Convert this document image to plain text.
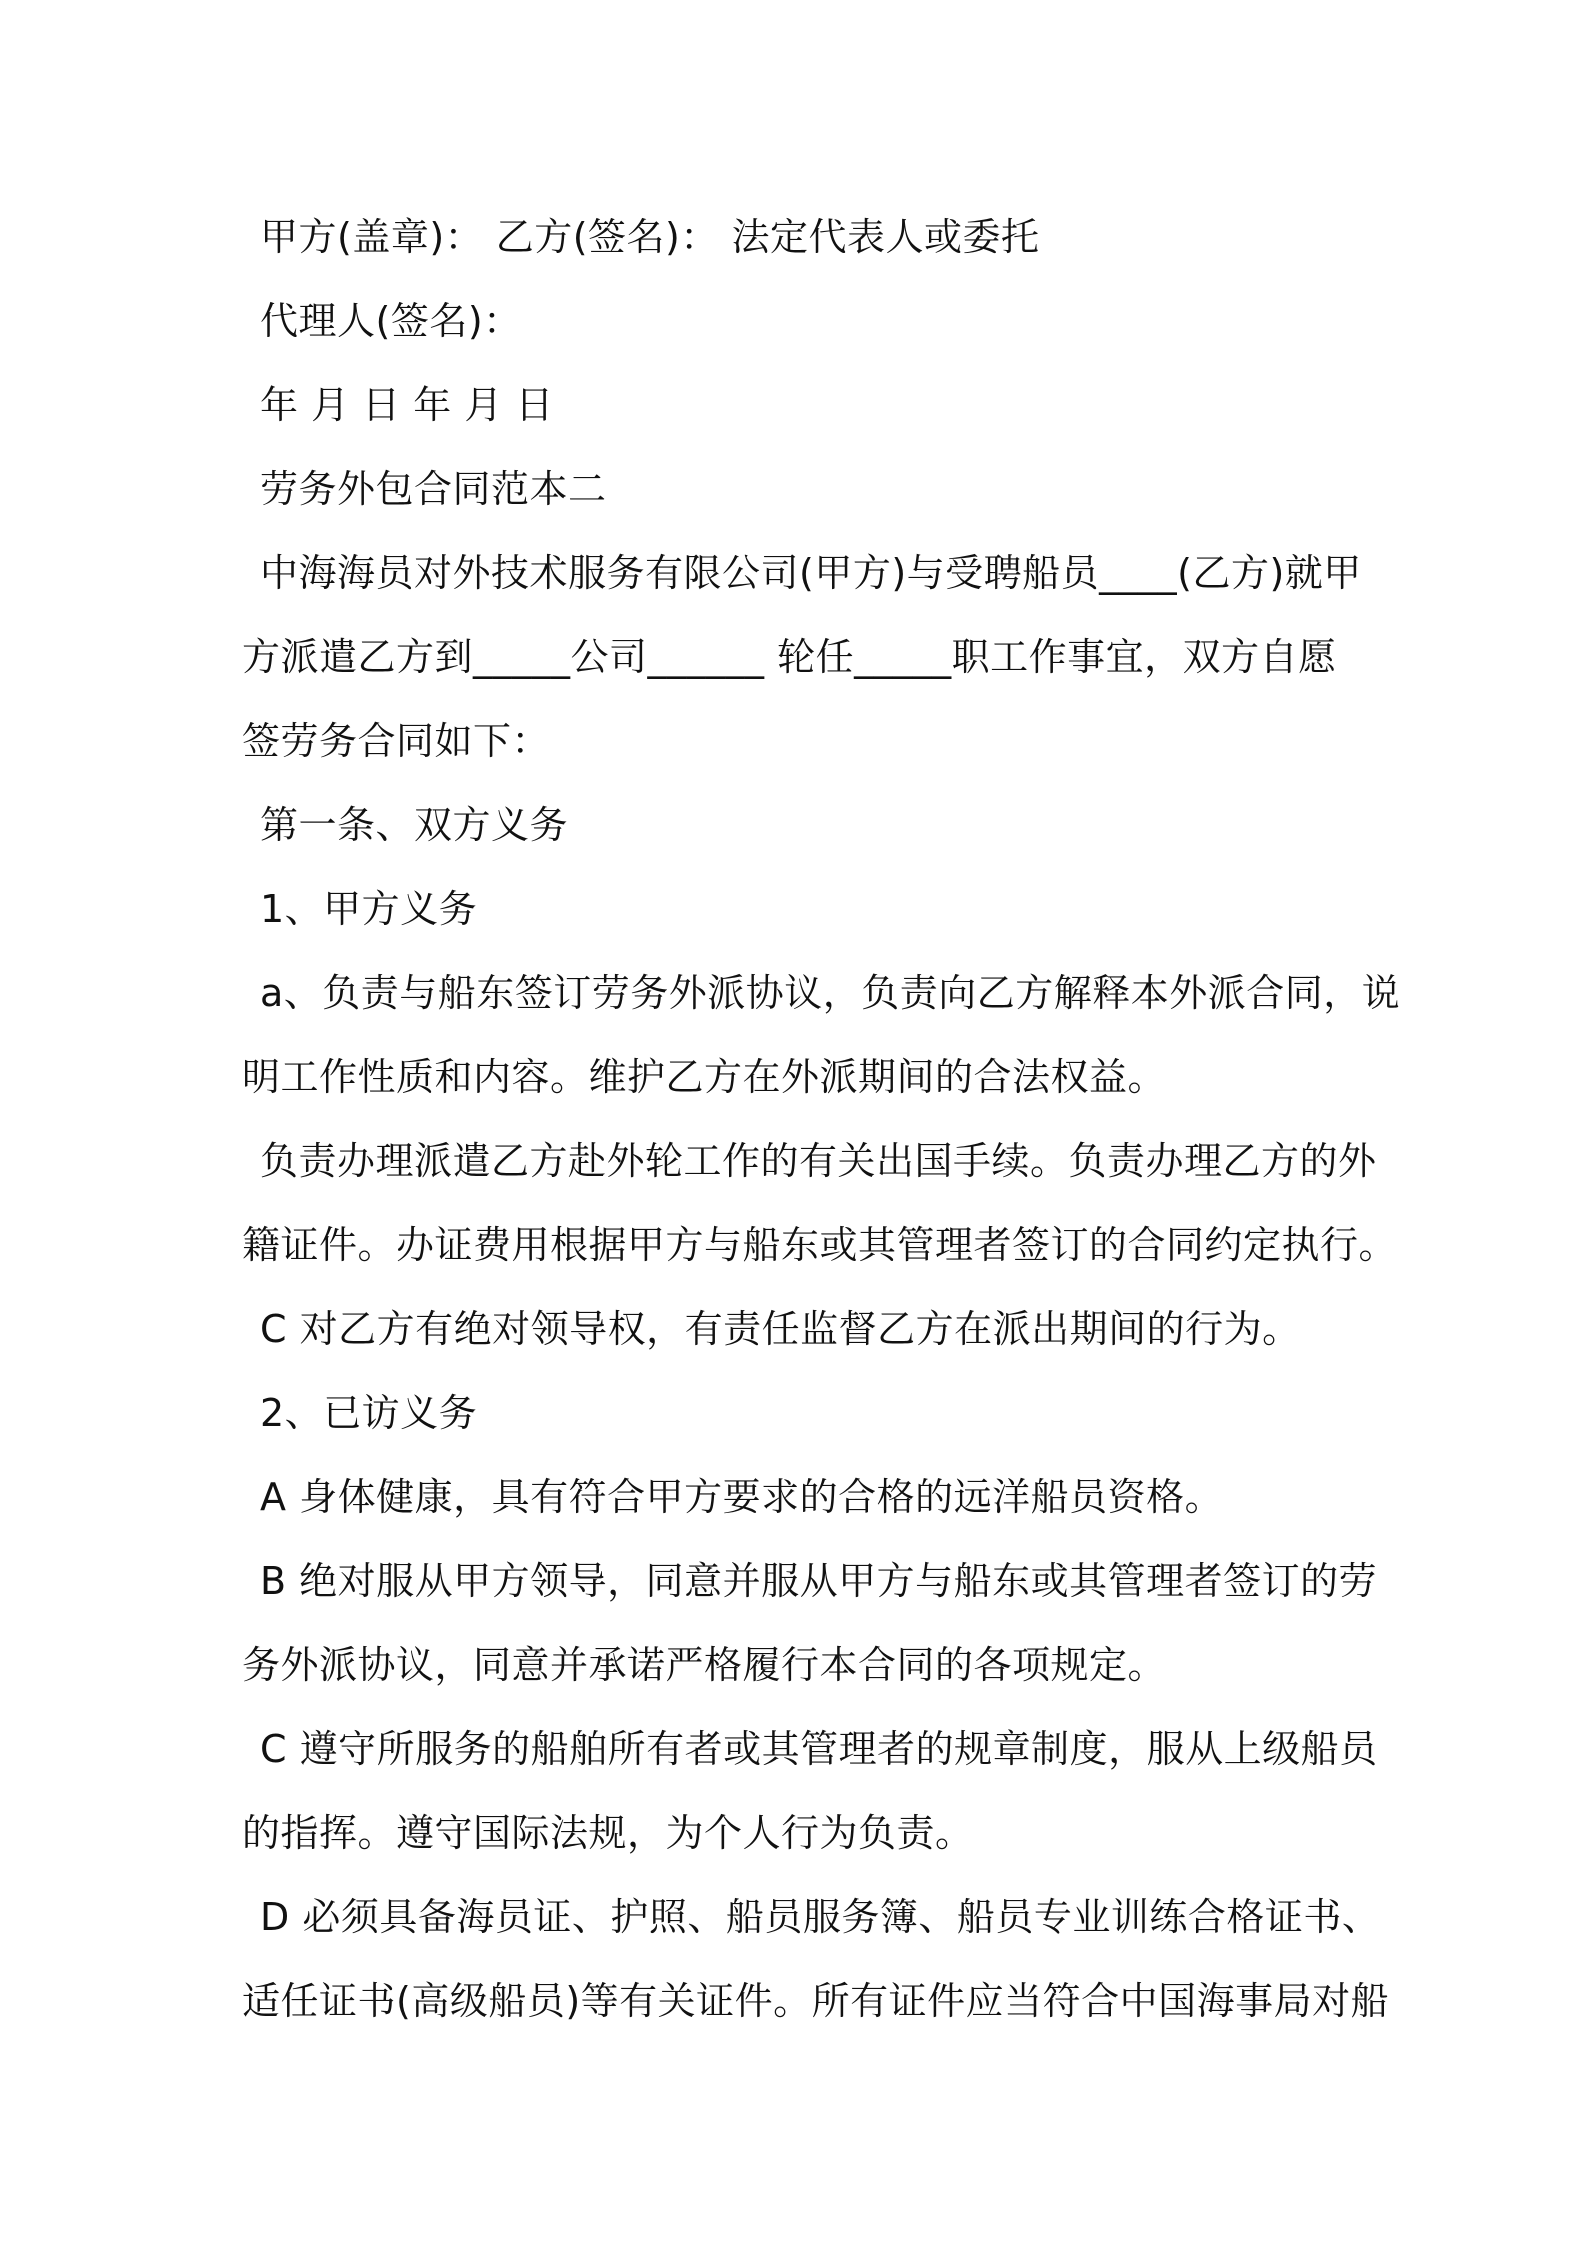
甲方(盖章)： 乙方(签名)： 法定代表人或委托
代理人(签名)：
年 月 日 年 月 日
劳务外包合同范本二
中海海员对外技术服务有限公司(甲方)与受聘船员____(乙方)就甲
方派遣乙方到_____公司______ 轮任_____职工作事宜，双方自愿
签劳务合同如下：
第一条、双方义务
1、甲方义务
a、负责与船东签订劳务外派协议，负责向乙方解释本外派合同，说
明工作性质和内容。维护乙方在外派期间的合法权益。
负责办理派遣乙方赴外轮工作的有关出国手续。负责办理乙方的外
籍证件。办证费用根据甲方与船东或其管理者签订的合同约定执行。
C 对乙方有绝对领导权，有责任监督乙方在派出期间的行为。
2、已访义务
A 身体健康，具有符合甲方要求的合格的远洋船员资格。
B 绝对服从甲方领导，同意并服从甲方与船东或其管理者签订的劳
务外派协议，同意并承诺严格履行本合同的各项规定。
C 遵守所服务的船舶所有者或其管理者的规章制度，服从上级船员
的指挥。遵守国际法规，为个人行为负责。
D 必须具备海员证、护照、船员服务簿、船员专业训练合格证书、
适任证书(高级船员)等有关证件。所有证件应当符合中国海事局对船
